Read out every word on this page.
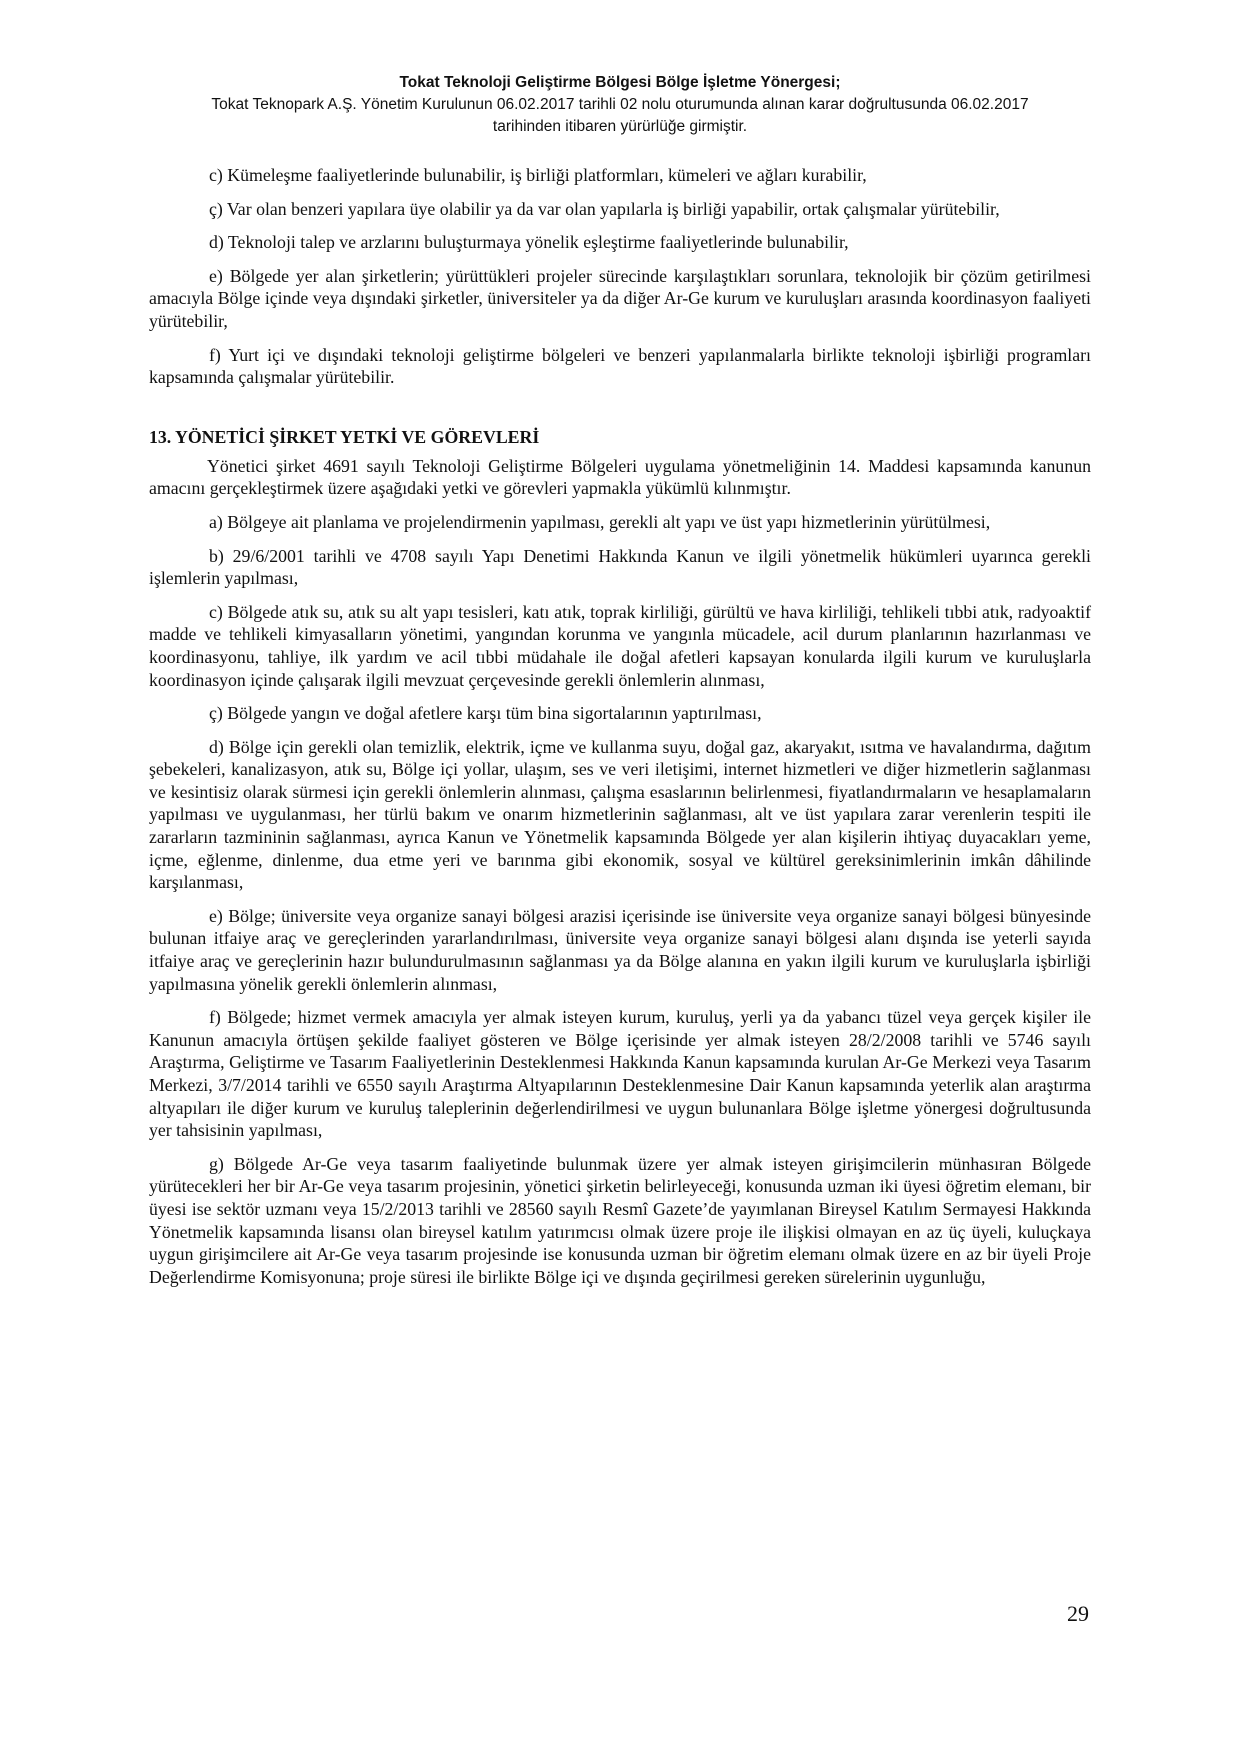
Tokat Teknoloji Geliştirme Bölgesi Bölge İşletme Yönergesi;
Tokat Teknopark A.Ş. Yönetim Kurulunun 06.02.2017 tarihli 02 nolu oturumunda alınan karar doğrultusunda 06.02.2017
tarihinden itibaren yürürlüğe girmiştir.

c) Kümeleşme faaliyetlerinde bulunabilir, iş birliği platformları, kümeleri ve ağları kurabilir,

ç) Var olan benzeri yapılara üye olabilir ya da var olan yapılarla iş birliği yapabilir, ortak çalışmalar yürütebilir,

d) Teknoloji talep ve arzlarını buluşturmaya yönelik eşleştirme faaliyetlerinde bulunabilir,

e) Bölgede yer alan şirketlerin; yürüttükleri projeler sürecinde karşılaştıkları sorunlara, teknolojik bir çözüm getirilmesi amacıyla Bölge içinde veya dışındaki şirketler, üniversiteler ya da diğer Ar-Ge kurum ve kuruluşları arasında koordinasyon faaliyeti yürütebilir,

f) Yurt içi ve dışındaki teknoloji geliştirme bölgeleri ve benzeri yapılanmalarla birlikte teknoloji işbirliği programları kapsamında çalışmalar yürütebilir.

13. YÖNETİCİ ŞİRKET YETKİ VE GÖREVLERİ

Yönetici şirket 4691 sayılı Teknoloji Geliştirme Bölgeleri uygulama yönetmeliğinin 14. Maddesi kapsamında kanunun amacını gerçekleştirmek üzere aşağıdaki yetki ve görevleri yapmakla yükümlü kılınmıştır.

a) Bölgeye ait planlama ve projelendirmenin yapılması, gerekli alt yapı ve üst yapı hizmetlerinin yürütülmesi,

b) 29/6/2001 tarihli ve 4708 sayılı Yapı Denetimi Hakkında Kanun ve ilgili yönetmelik hükümleri uyarınca gerekli işlemlerin yapılması,

c) Bölgede atık su, atık su alt yapı tesisleri, katı atık, toprak kirliliği, gürültü ve hava kirliliği, tehlikeli tıbbi atık, radyoaktif madde ve tehlikeli kimyasalların yönetimi, yangından korunma ve yangınla mücadele, acil durum planlarının hazırlanması ve koordinasyonu, tahliye, ilk yardım ve acil tıbbi müdahale ile doğal afetleri kapsayan konularda ilgili kurum ve kuruluşlarla koordinasyon içinde çalışarak ilgili mevzuat çerçevesinde gerekli önlemlerin alınması,

ç) Bölgede yangın ve doğal afetlere karşı tüm bina sigortalarının yaptırılması,

d) Bölge için gerekli olan temizlik, elektrik, içme ve kullanma suyu, doğal gaz, akaryakıt, ısıtma ve havalandırma, dağıtım şebekeleri, kanalizasyon, atık su, Bölge içi yollar, ulaşım, ses ve veri iletişimi, internet hizmetleri ve diğer hizmetlerin sağlanması ve kesintisiz olarak sürmesi için gerekli önlemlerin alınması, çalışma esaslarının belirlenmesi, fiyatlandırmaların ve hesaplamaların yapılması ve uygulanması, her türlü bakım ve onarım hizmetlerinin sağlanması, alt ve üst yapılara zarar verenlerin tespiti ile zararların tazmininin sağlanması, ayrıca Kanun ve Yönetmelik kapsamında Bölgede yer alan kişilerin ihtiyaç duyacakları yeme, içme, eğlenme, dinlenme, dua etme yeri ve barınma gibi ekonomik, sosyal ve kültürel gereksinimlerinin imkân dâhilinde karşılanması,

e) Bölge; üniversite veya organize sanayi bölgesi arazisi içerisinde ise üniversite veya organize sanayi bölgesi bünyesinde bulunan itfaiye araç ve gereçlerinden yararlandırılması, üniversite veya organize sanayi bölgesi alanı dışında ise yeterli sayıda itfaiye araç ve gereçlerinin hazır bulundurulmasının sağlanması ya da Bölge alanına en yakın ilgili kurum ve kuruluşlarla işbirliği yapılmasına yönelik gerekli önlemlerin alınması,

f) Bölgede; hizmet vermek amacıyla yer almak isteyen kurum, kuruluş, yerli ya da yabancı tüzel veya gerçek kişiler ile Kanunun amacıyla örtüşen şekilde faaliyet gösteren ve Bölge içerisinde yer almak isteyen 28/2/2008 tarihli ve 5746 sayılı Araştırma, Geliştirme ve Tasarım Faaliyetlerinin Desteklenmesi Hakkında Kanun kapsamında kurulan Ar-Ge Merkezi veya Tasarım Merkezi, 3/7/2014 tarihli ve 6550 sayılı Araştırma Altyapılarının Desteklenmesine Dair Kanun kapsamında yeterlik alan araştırma altyapıları ile diğer kurum ve kuruluş taleplerinin değerlendirilmesi ve uygun bulunanlara Bölge işletme yönergesi doğrultusunda yer tahsisinin yapılması,

g) Bölgede Ar-Ge veya tasarım faaliyetinde bulunmak üzere yer almak isteyen girişimcilerin münhasıran Bölgede yürütecekleri her bir Ar-Ge veya tasarım projesinin, yönetici şirketin belirleyeceği, konusunda uzman iki üyesi öğretim elemanı, bir üyesi ise sektör uzmanı veya 15/2/2013 tarihli ve 28560 sayılı Resmî Gazete’de yayımlanan Bireysel Katılım Sermayesi Hakkında Yönetmelik kapsamında lisansı olan bireysel katılım yatırımcısı olmak üzere proje ile ilişkisi olmayan en az üç üyeli, kuluçkaya uygun girişimcilere ait Ar-Ge veya tasarım projesinde ise konusunda uzman bir öğretim elemanı olmak üzere en az bir üyeli Proje Değerlendirme Komisyonuna; proje süresi ile birlikte Bölge içi ve dışında geçirilmesi gereken sürelerinin uygunluğu,

29
